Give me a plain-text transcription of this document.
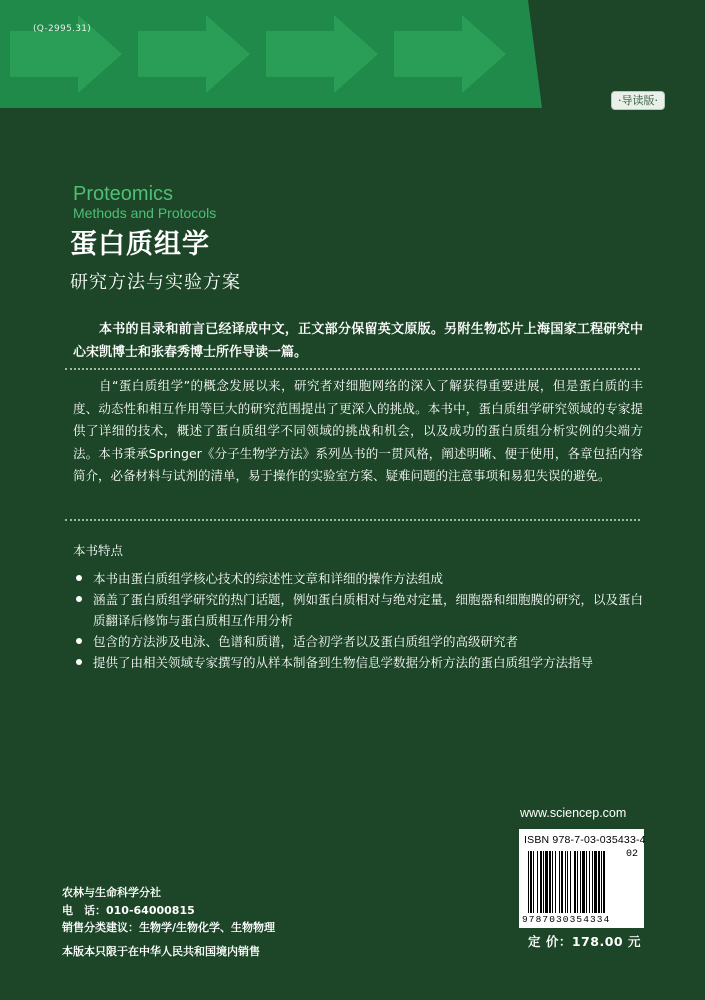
(Q-2995.31)
·导读版·
Proteomics
Methods and Protocols
蛋白质组学
研究方法与实验方案

本书的目录和前言已经译成中文，正文部分保留英文原版。另附生物芯片上海国家工程研究中心宋凯博士和张春秀博士所作导读一篇。

自“蛋白质组学”的概念发展以来，研究者对细胞网络的深入了解获得重要进展，但是蛋白质的丰度、动态性和相互作用等巨大的研究范围提出了更深入的挑战。本书中，蛋白质组学研究领域的专家提供了详细的技术，概述了蛋白质组学不同领域的挑战和机会，以及成功的蛋白质组分析实例的尖端方法。本书秉承Springer《分子生物学方法》系列丛书的一贯风格，阐述明晰、便于使用，各章包括内容简介，必备材料与试剂的清单，易于操作的实验室方案、疑难问题的注意事项和易犯失误的避免。

本书特点
本书由蛋白质组学核心技术的综述性文章和详细的操作方法组成
涵盖了蛋白质组学研究的热门话题，例如蛋白质相对与绝对定量，细胞器和细胞膜的研究，以及蛋白质翻译后修饰与蛋白质相互作用分析
包含的方法涉及电泳、色谱和质谱，适合初学者以及蛋白质组学的高级研究者
提供了由相关领域专家撰写的从样本制备到生物信息学数据分析方法的蛋白质组学方法指导
www.sciencep.com
ISBN 978-7-03-035433-4
02
9787030354334
定 价：178.00 元
农林与生命科学分社
电　话：010-64000815
销售分类建议：生物学/生物化学、生物物理
本版本只限于在中华人民共和国境内销售
